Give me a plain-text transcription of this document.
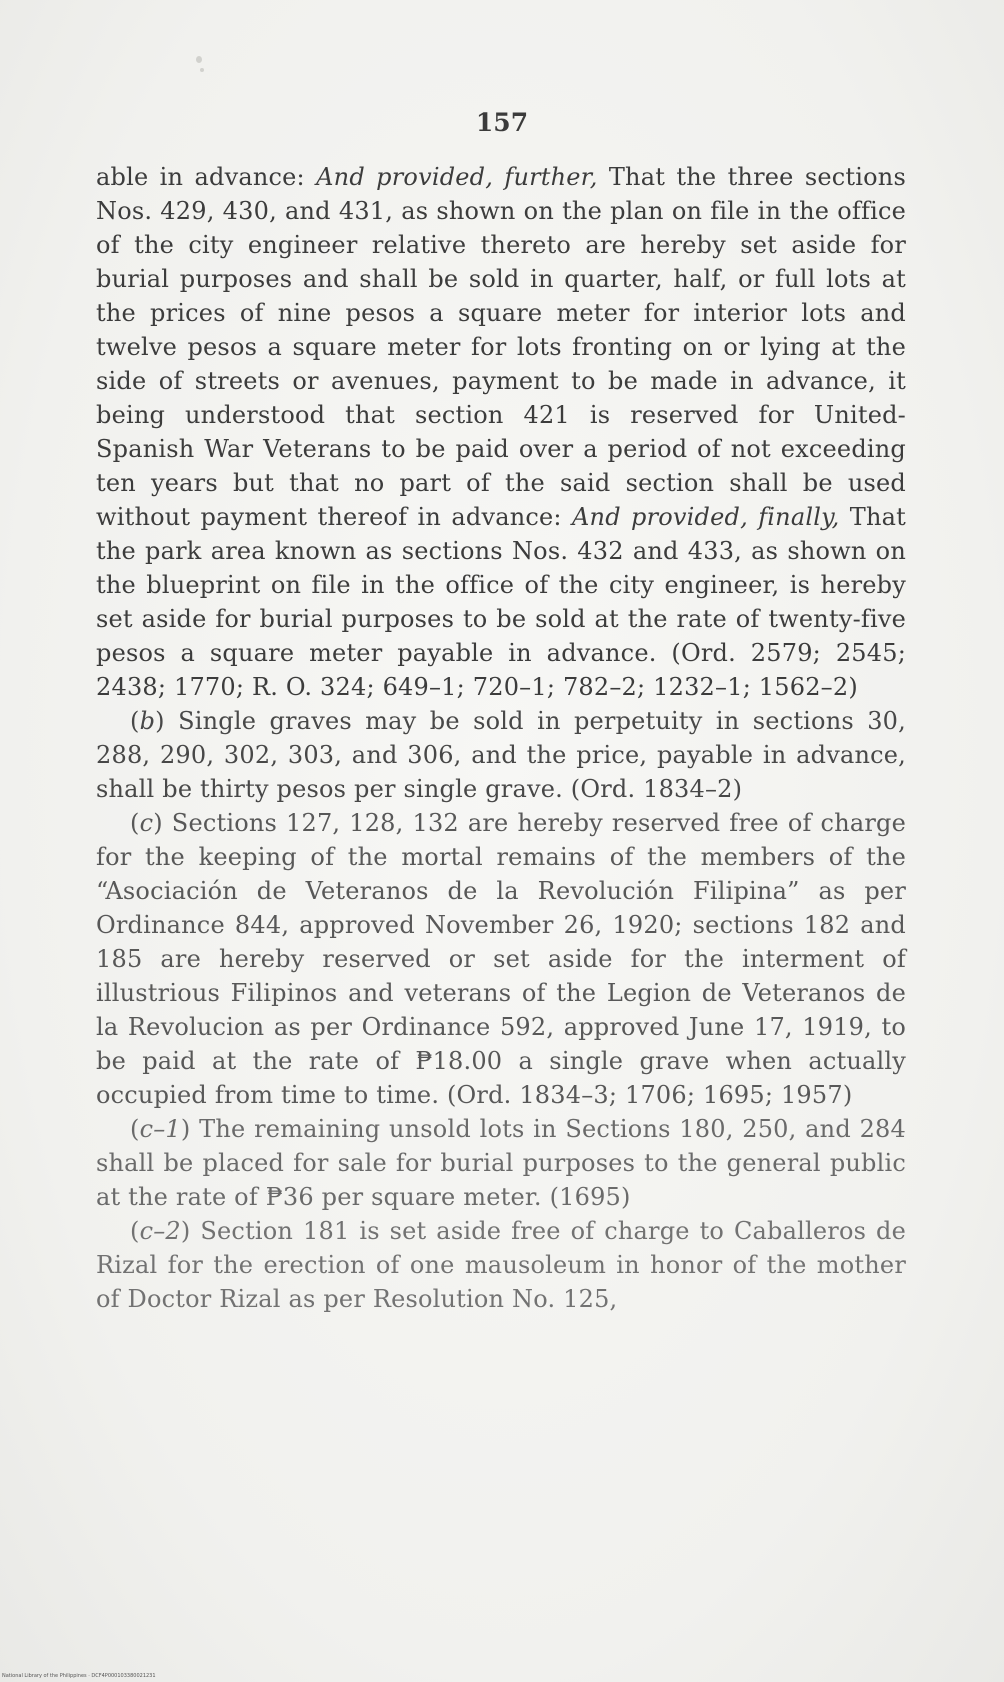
157

able in advance: And provided, further, That the three sections Nos. 429, 430, and 431, as shown on the plan on file in the office of the city engineer relative thereto are hereby set aside for burial purposes and shall be sold in quarter, half, or full lots at the prices of nine pesos a square meter for interior lots and twelve pesos a square meter for lots fronting on or lying at the side of streets or avenues, payment to be made in advance, it being understood that section 421 is reserved for United-Spanish War Veterans to be paid over a period of not exceeding ten years but that no part of the said section shall be used without payment thereof in advance: And provided, finally, That the park area known as sections Nos. 432 and 433, as shown on the blueprint on file in the office of the city engineer, is hereby set aside for burial purposes to be sold at the rate of twenty-five pesos a square meter payable in advance. (Ord. 2579; 2545; 2438; 1770; R. O. 324; 649–1; 720–1; 782–2; 1232–1; 1562–2)

(b) Single graves may be sold in perpetuity in sections 30, 288, 290, 302, 303, and 306, and the price, payable in advance, shall be thirty pesos per single grave. (Ord. 1834–2)

(c) Sections 127, 128, 132 are hereby reserved free of charge for the keeping of the mortal remains of the members of the “Asociación de Veteranos de la Revolución Filipina” as per Ordinance 844, approved November 26, 1920; sections 182 and 185 are hereby reserved or set aside for the interment of illustrious Filipinos and veterans of the Legion de Veteranos de la Revolucion as per Ordinance 592, approved June 17, 1919, to be paid at the rate of ₱18.00 a single grave when actually occupied from time to time. (Ord. 1834–3; 1706; 1695; 1957)

(c–1) The remaining unsold lots in Sections 180, 250, and 284 shall be placed for sale for burial purposes to the general public at the rate of ₱36 per square meter. (1695)

(c–2) Section 181 is set aside free of charge to Caballeros de Rizal for the erection of one mausoleum in honor of the mother of Doctor Rizal as per Resolution No. 125,

National Library of the Philippines · DCF4P000103380021231
